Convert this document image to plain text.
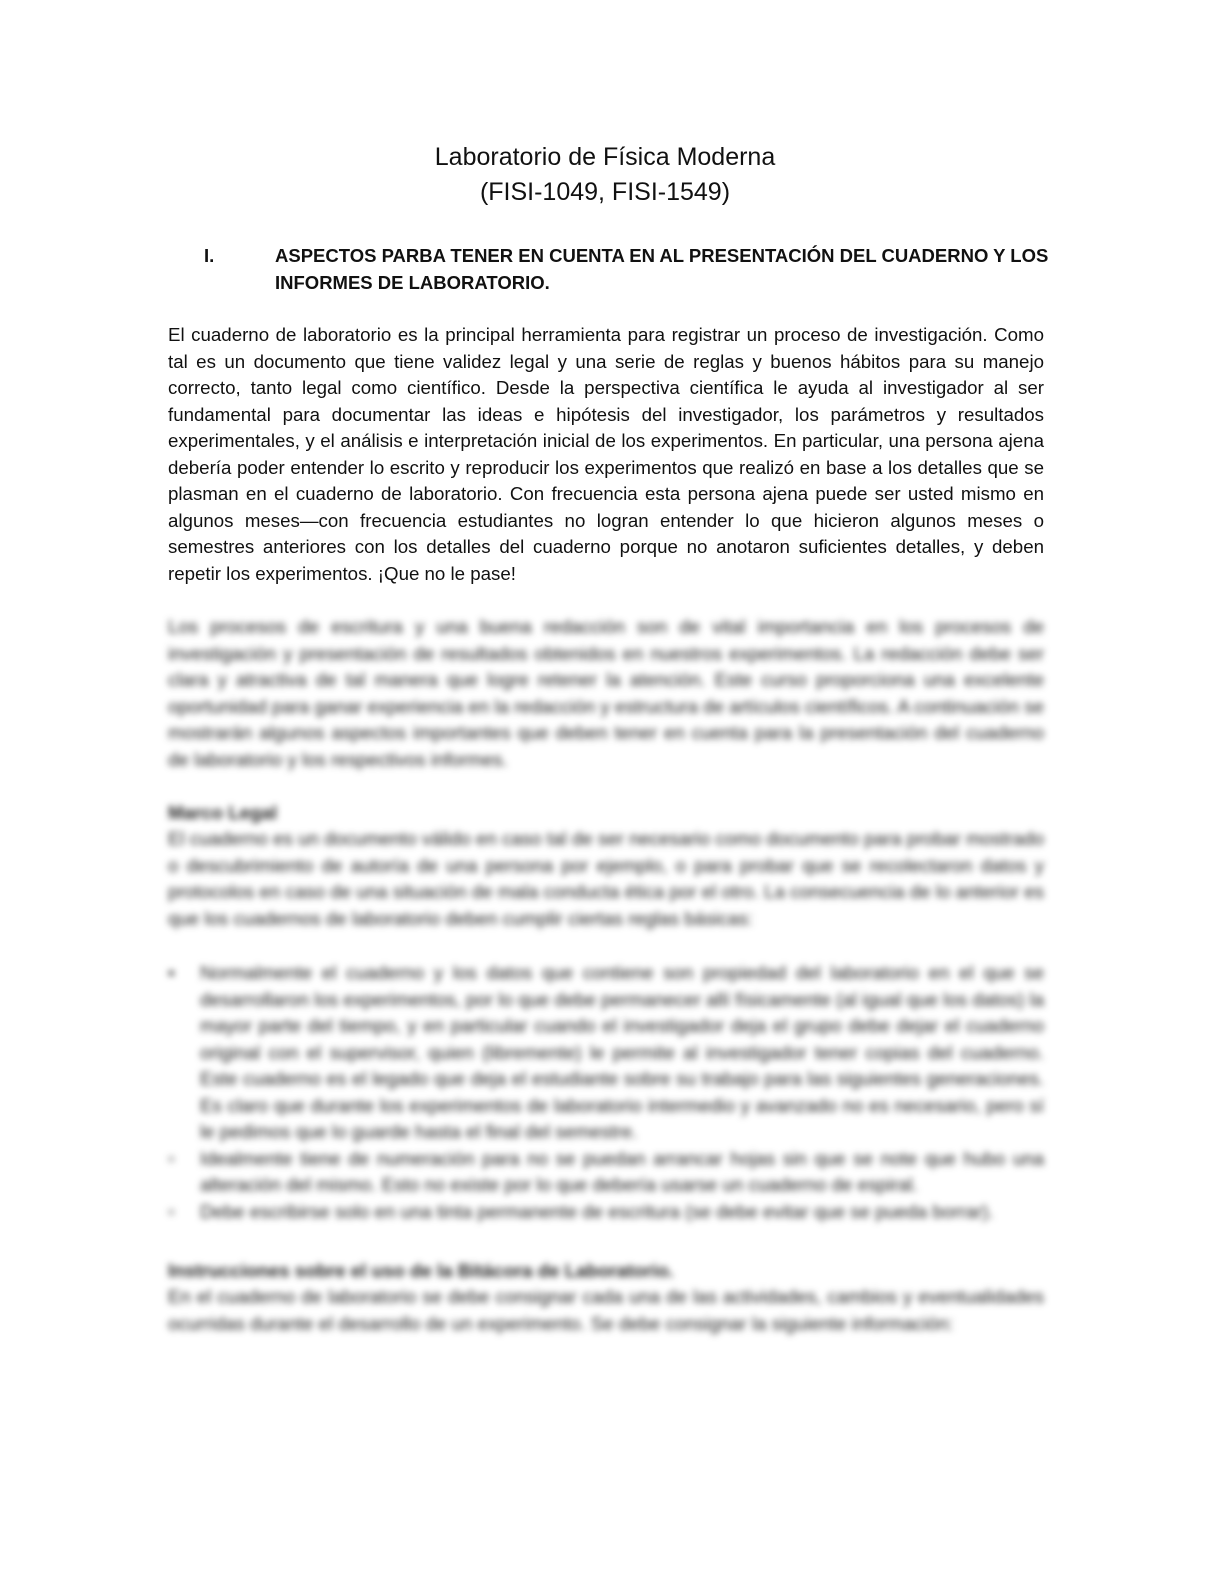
Laboratorio de Física Moderna
(FISI-1049, FISI-1549)
I.	ASPECTOS PARBA TENER EN CUENTA EN AL PRESENTACIÓN DEL CUADERNO Y LOS INFORMES DE LABORATORIO.

El cuaderno de laboratorio es la principal herramienta para registrar un proceso de investigación. Como tal es un documento que tiene validez legal y una serie de reglas y buenos hábitos para su manejo correcto, tanto legal como científico. Desde la perspectiva científica le ayuda al investigador al ser fundamental para documentar las ideas e hipótesis del investigador, los parámetros y resultados experimentales, y el análisis e interpretación inicial de los experimentos. En particular, una persona ajena debería poder entender lo escrito y reproducir los experimentos que realizó en base a los detalles que se plasman en el cuaderno de laboratorio. Con frecuencia esta persona ajena puede ser usted mismo en algunos meses—con frecuencia estudiantes no logran entender lo que hicieron algunos meses o semestres anteriores con los detalles del cuaderno porque no anotaron suficientes detalles, y deben repetir los experimentos. ¡Que no le pase!

Los procesos de escritura y una buena redacción son de vital importancia en los procesos de investigación y presentación de resultados obtenidos en nuestros experimentos. La redacción debe ser clara y atractiva de tal manera que logre retener la atención. Este curso proporciona una excelente oportunidad para ganar experiencia en la redacción y estructura de artículos científicos. A continuación se mostrarán algunos aspectos importantes que deben tener en cuenta para la presentación del cuaderno de laboratorio y los respectivos informes.

Marco Legal

El cuaderno es un documento válido en caso tal de ser necesario como documento para probar mostrado o descubrimiento de autoría de una persona por ejemplo, o para probar que se recolectaron datos y protocolos en caso de una situación de mala conducta ética por el otro. La consecuencia de lo anterior es que los cuadernos de laboratorio deben cumplir ciertas reglas básicas:

▪	Normalmente el cuaderno y los datos que contiene son propiedad del laboratorio en el que se desarrollaron los experimentos, por lo que debe permanecer allí físicamente (al igual que los datos) la mayor parte del tiempo, y en particular cuando el investigador deja el grupo debe dejar el cuaderno original con el supervisor, quien (libremente) le permite al investigador tener copias del cuaderno. Este cuaderno es el legado que deja el estudiante sobre su trabajo para las siguientes generaciones. Es claro que durante los experimentos de laboratorio intermedio y avanzado no es necesario, pero sí le pedimos que lo guarde hasta el final del semestre.
▫	Idealmente tiene de numeración para no se puedan arrancar hojas sin que se note que hubo una alteración del mismo. Esto no existe por lo que debería usarse un cuaderno de espiral.
▫	Debe escribirse solo en una tinta permanente de escritura (se debe evitar que se pueda borrar).
Instrucciones sobre el uso de la Bitácora de Laboratorio.

En el cuaderno de laboratorio se debe consignar cada una de las actividades, cambios y eventualidades ocurridas durante el desarrollo de un experimento. Se debe consignar la siguiente información:
